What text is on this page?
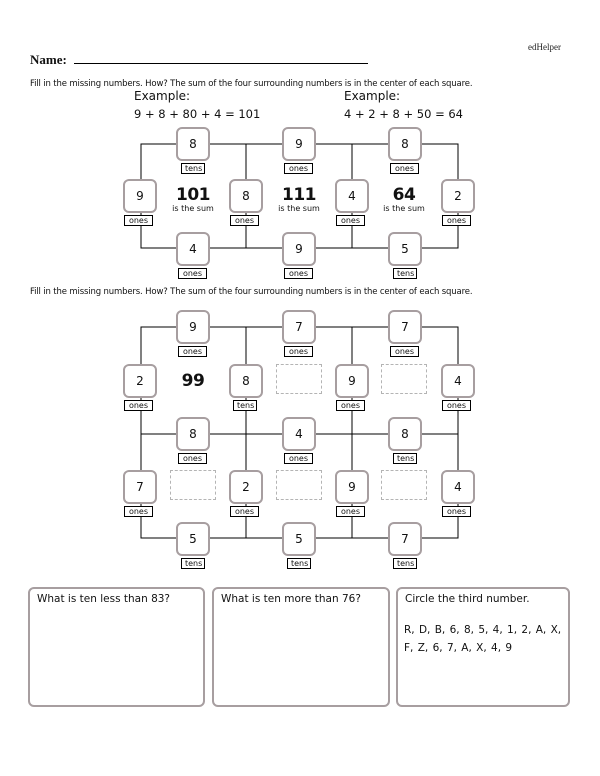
edHelper
Name:
Fill in the missing numbers. How? The sum of the four surrounding numbers is in the center of each square.
Example:
9 + 8 + 80 + 4 = 101
Example:
4 + 2 + 8 + 50 = 64
8
tens
9
ones
8
ones
9
ones
8
ones
4
ones
2
ones
101
is the sum
111
is the sum
64
is the sum
4
ones
9
ones
5
tens
Fill in the missing numbers. How? The sum of the four surrounding numbers is in the center of each square.
9
ones
7
ones
7
ones
2
ones
99	8
tens
9
ones
4
ones
8
ones
4
ones
8
tens
7
ones
2
ones
9
ones
4
ones
5
tens
5
tens
7
tens
What is ten less than 83?	What is ten more than 76?	Circle the third number.
R, D, B, 6, 8, 5, 4, 1, 2, A, X, F, Z, 6, 7, A, X, 4, 9
